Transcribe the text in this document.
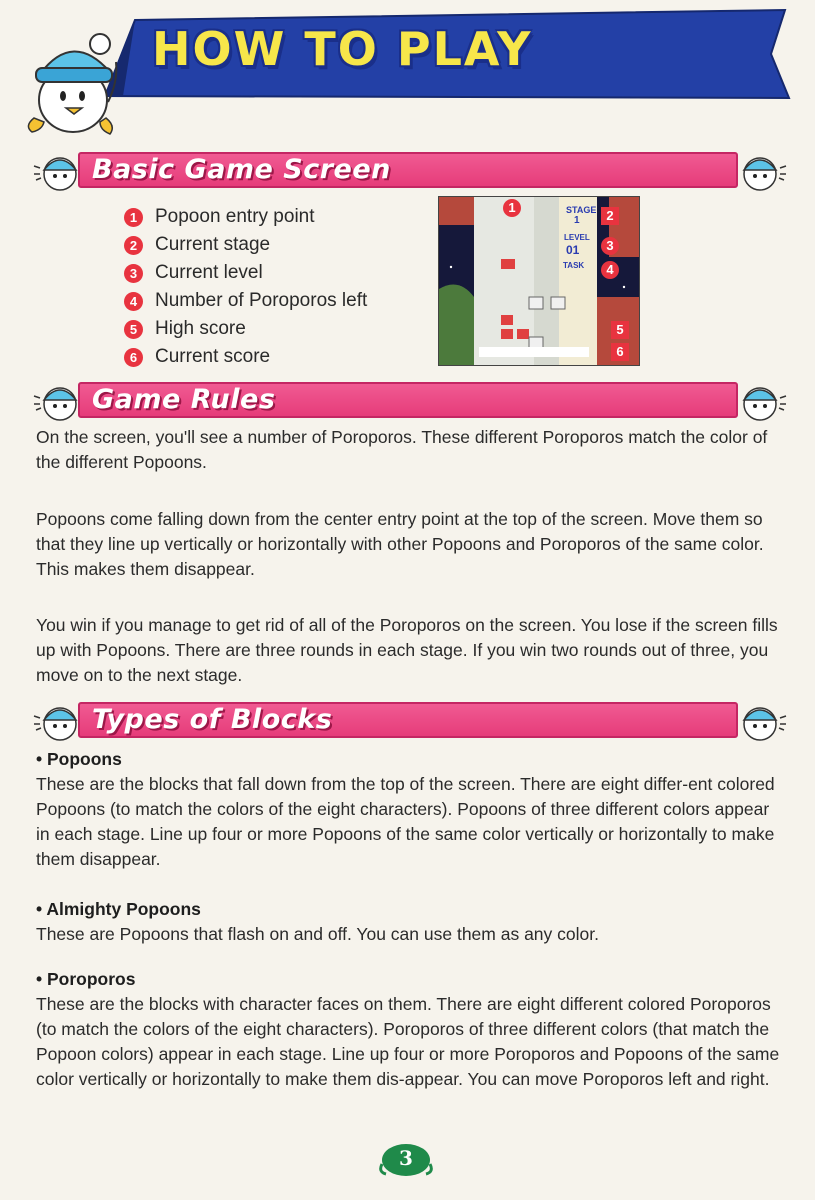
HOW TO PLAY
Basic Game Screen
1 Popoon entry point
2 Current stage
3 Current level
4 Number of Poroporos left
5 High score
6 Current score
STAGE
1
LEVEL
01
TASK
1
2
3
4
5
6
Game Rules

On the screen, you'll see a number of Poroporos. These different Poroporos match the color of the different Popoons.

Popoons come falling down from the center entry point at the top of the screen. Move them so that they line up vertically or horizontally with other Popoons and Poroporos of the same color. This makes them disappear.

You win if you manage to get rid of all of the Poroporos on the screen. You lose if the screen fills up with Popoons. There are three rounds in each stage. If you win two rounds out of three, you move on to the next stage.

Types of Blocks
• Popoons

These are the blocks that fall down from the top of the screen. There are eight differ-ent colored Popoons (to match the colors of the eight characters). Popoons of three different colors appear in each stage. Line up four or more Popoons of the same color vertically or horizontally to make them disappear.

• Almighty Popoons

These are Popoons that flash on and off. You can use them as any color.

• Poroporos

These are the blocks with character faces on them. There are eight different colored Poroporos (to match the colors of the eight characters). Poroporos of three different colors (that match the Popoon colors) appear in each stage. Line up four or more Poroporos and Popoons of the same color vertically or horizontally to make them dis-appear. You can move Poroporos left and right.

3
